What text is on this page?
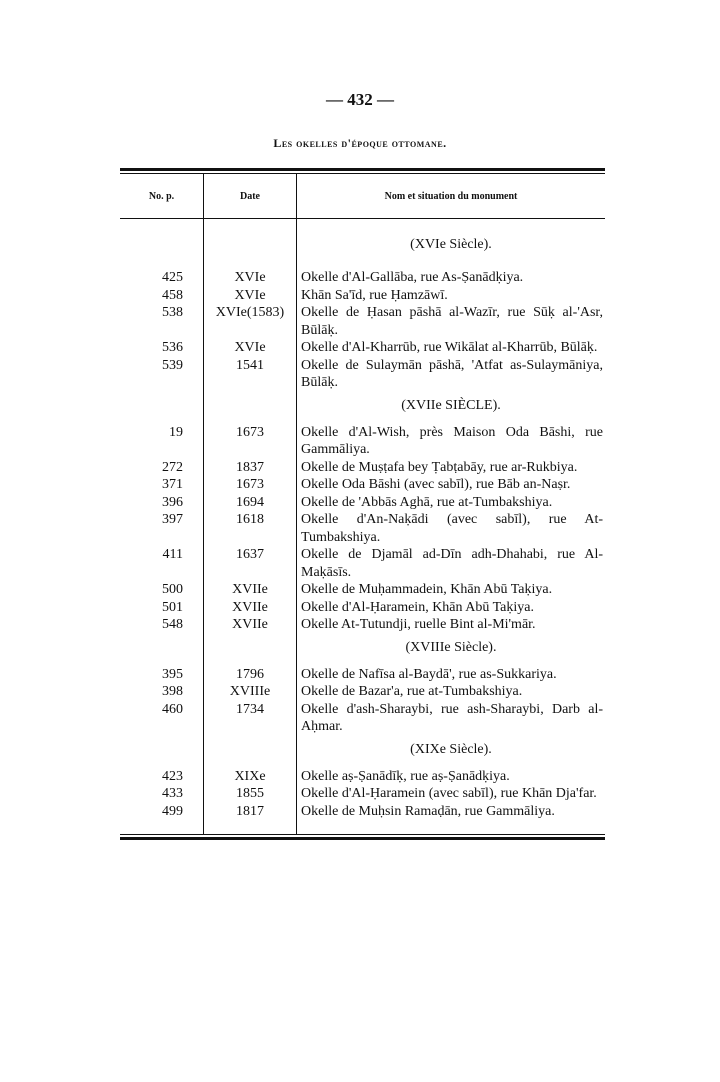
— 432 —
Les okelles d'époque ottomane.
No. p.	Date	Nom et situation du monument
(XVIe Siècle).
425	XVIe	Okelle d'Al-Gallāba, rue As-Ṣanādḳiya.
458	XVIe	Khān Sa'īd, rue Ḥamzāwī.
538	XVIe(1583)	Okelle de Ḥasan pāshā al-Wazīr, rue Sūḳ al-'Asr, Būlāḳ.
536	XVIe	Okelle d'Al-Kharrūb, rue Wikālat al-Kharrūb, Būlāḳ.
539	1541	Okelle de Sulaymān pāshā, 'Atfat as-Sulaymāniya, Būlāḳ.
(XVIIe SIÈCLE).
19	1673	Okelle d'Al-Wish, près Maison Oda Bāshi, rue Gammāliya.
272	1837	Okelle de Muṣṭafa bey Ṭabṭabāy, rue ar-Rukbiya.
371	1673	Okelle Oda Bāshi (avec sabīl), rue Bāb an-Naṣr.
396	1694	Okelle de 'Abbās Aghā, rue at-Tumbakshiya.
397	1618	Okelle d'An-Naḳādi (avec sabīl), rue At-Tumbakshiya.
411	1637	Okelle de Djamāl ad-Dīn adh-Dhahabi, rue Al-Maḳāsīs.
500	XVIIe	Okelle de Muḥammadein, Khān Abū Taḳiya.
501	XVIIe	Okelle d'Al-Ḥaramein, Khān Abū Taḳiya.
548	XVIIe	Okelle At-Tutundji, ruelle Bint al-Mi'mār.
(XVIIIe Siècle).
395	1796	Okelle de Nafīsa al-Baydā', rue as-Sukkariya.
398	XVIIIe	Okelle de Bazar'a, rue at-Tumbakshiya.
460	1734	Okelle d'ash-Sharaybi, rue ash-Sharaybi, Darb al-Aḥmar.
(XIXe Siècle).
423	XIXe	Okelle aṣ-Ṣanādīḳ, rue aṣ-Ṣanādḳiya.
433	1855	Okelle d'Al-Ḥaramein (avec sabīl), rue Khān Dja'far.
499	1817	Okelle de Muḥsin Ramaḍān, rue Gammāliya.
